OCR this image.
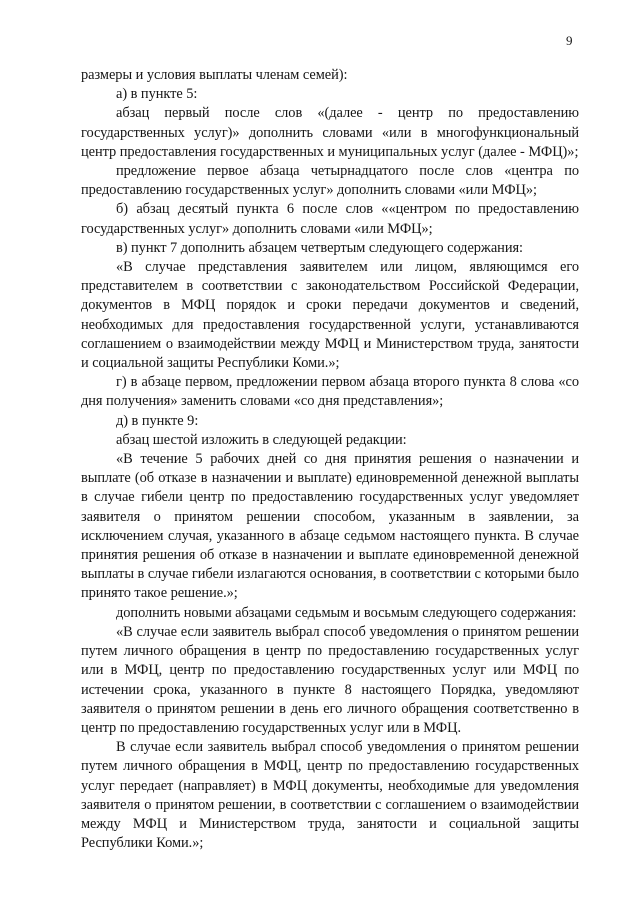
9

размеры и условия выплаты членам семей):

а) в пункте 5:

абзац первый после слов «(далее - центр по предоставлению государственных услуг)» дополнить словами «или в многофункциональный центр предоставления государственных и муниципальных услуг (далее - МФЦ)»;

предложение первое абзаца четырнадцатого после слов «центра по предоставлению государственных услуг» дополнить словами «или МФЦ»;

б) абзац десятый пункта 6 после слов ««центром по предоставлению государственных услуг» дополнить словами «или МФЦ»;

в) пункт 7 дополнить абзацем четвертым следующего содержания:

«В случае представления заявителем или лицом, являющимся его представителем в соответствии с законодательством Российской Федерации, документов в МФЦ порядок и сроки передачи документов и сведений, необходимых для предоставления государственной услуги, устанавливаются соглашением о взаимодействии между МФЦ и Министерством труда, занятости и социальной защиты Республики Коми.»;

г) в абзаце первом, предложении первом абзаца второго пункта 8 слова «со дня получения» заменить словами «со дня представления»;

д) в пункте 9:

абзац шестой изложить в следующей редакции:

«В течение 5 рабочих дней со дня принятия решения о назначении и выплате (об отказе в назначении и выплате) единовременной денежной выплаты в случае гибели центр по предоставлению государственных услуг уведомляет заявителя о принятом решении способом, указанным в заявлении, за исключением случая, указанного в абзаце седьмом настоящего пункта. В случае принятия решения об отказе в назначении и выплате единовременной денежной выплаты в случае гибели излагаются основания, в соответствии с которыми было принято такое решение.»;

дополнить новыми абзацами седьмым и восьмым следующего содержания:

«В случае если заявитель выбрал способ уведомления о принятом решении путем личного обращения в центр по предоставлению государственных услуг или в МФЦ, центр по предоставлению государственных услуг или МФЦ по истечении срока, указанного в пункте 8 настоящего Порядка, уведомляют заявителя о принятом решении в день его личного обращения соответственно в центр по предоставлению государственных услуг или в МФЦ.

В случае если заявитель выбрал способ уведомления о принятом решении путем личного обращения в МФЦ, центр по предоставлению государственных услуг передает (направляет) в МФЦ документы, необходимые для уведомления заявителя о принятом решении, в соответствии с соглашением о взаимодействии между МФЦ и Министерством труда, занятости и социальной защиты Республики Коми.»;
